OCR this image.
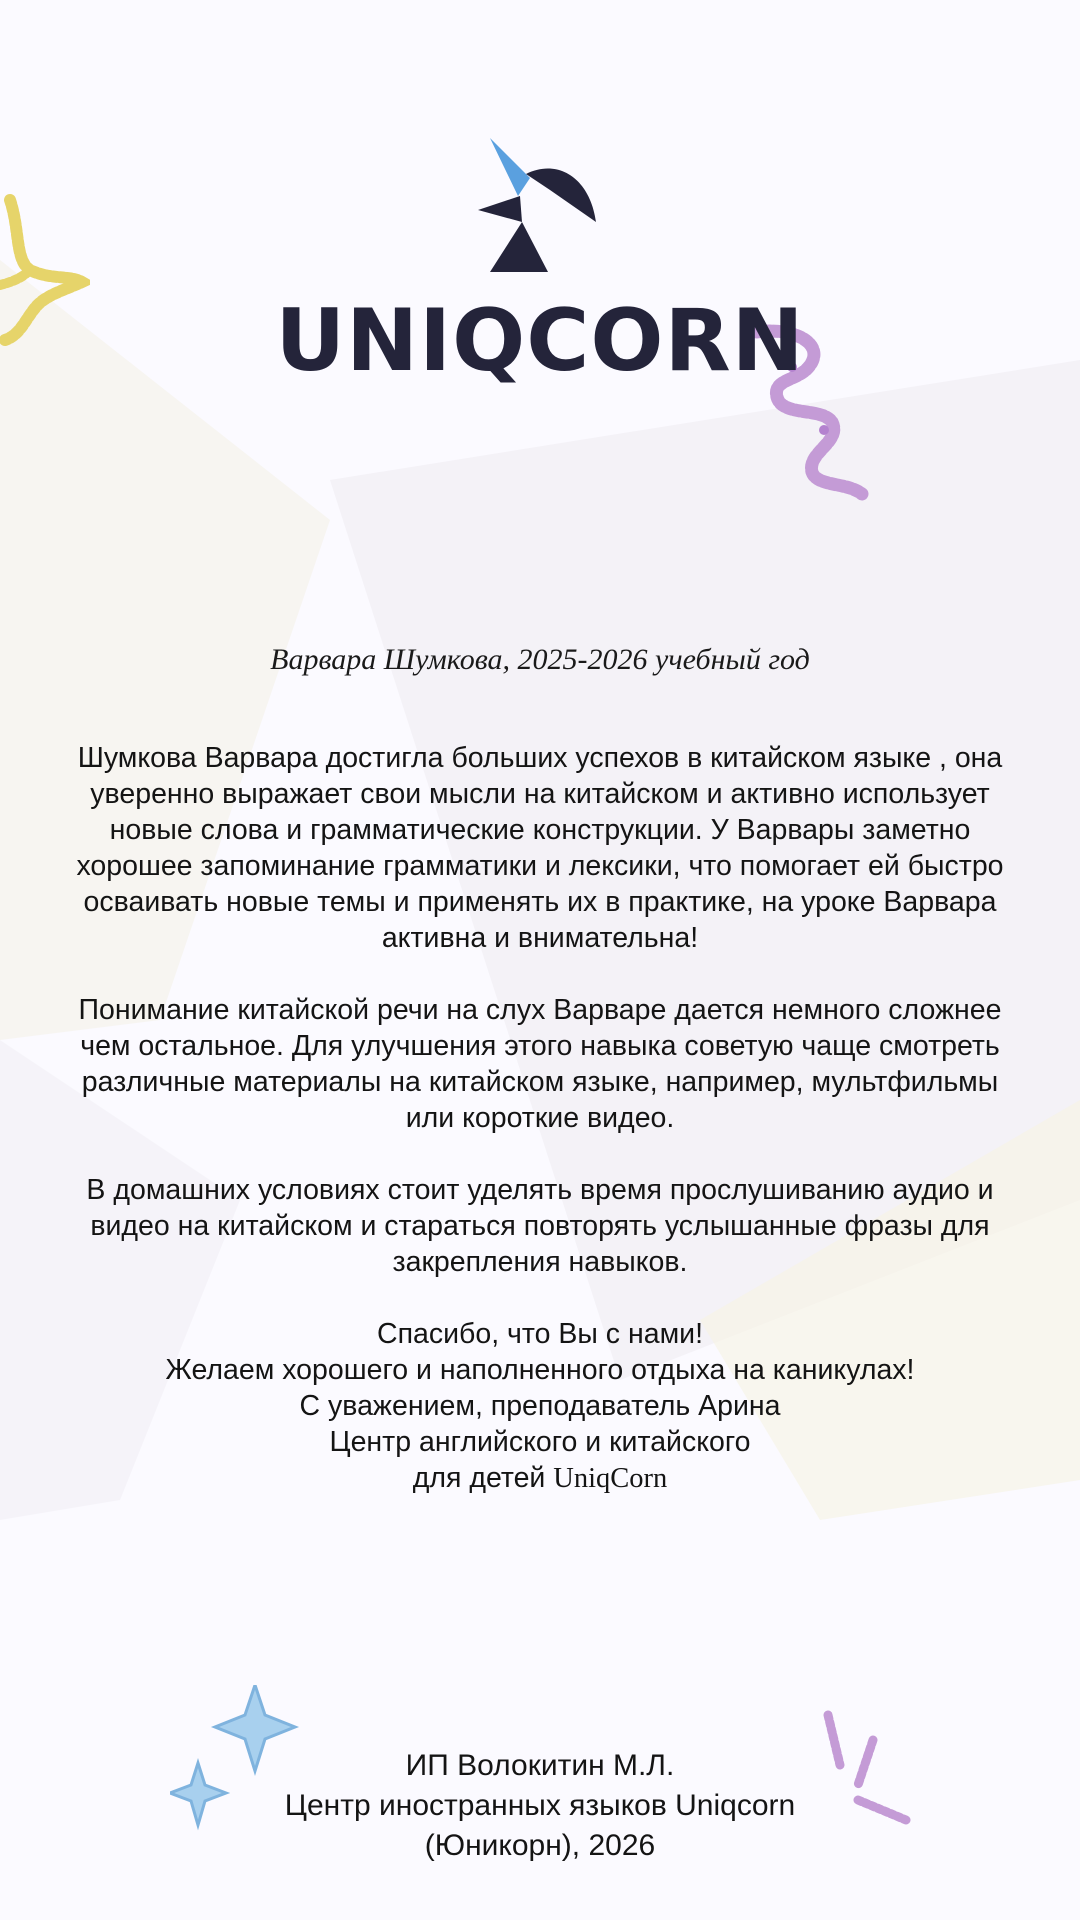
UNIQCORN
Варвара Шумкова, 2025-2026 учебный год

Шумкова Варвара достигла больших успехов в китайском языке , она уверенно выражает свои мысли на китайском и активно использует новые слова и грамматические конструкции. У Варвары заметно хорошее запоминание грамматики и лексики, что помогает ей быстро осваивать новые темы и применять их в практике, на уроке Варвара активна и внимательна!

Понимание китайской речи на слух Варваре дается немного сложнее чем остальное. Для улучшения этого навыка советую чаще смотреть различные материалы на китайском языке, например, мультфильмы или короткие видео.

В домашних условиях стоит уделять время прослушиванию аудио и видео на китайском и стараться повторять услышанные фразы для закрепления навыков.

Спасибо, что Вы с нами!
Желаем хорошего и наполненного отдыха на каникулах!
С уважением, преподаватель Арина
Центр английского и китайского
для детей UniqCorn
ИП Волокитин М.Л.
Центр иностранных языков Uniqcorn
(Юникорн), 2026
